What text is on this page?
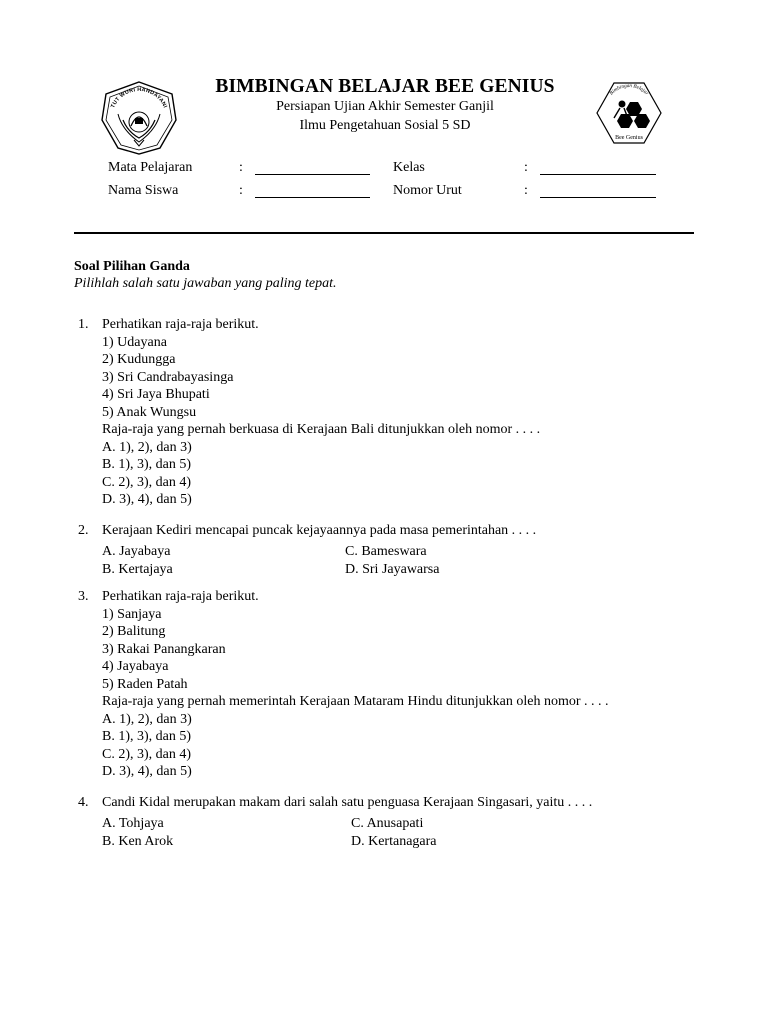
TUT WURI HANDAYANI
BIMBINGAN BELAJAR BEE GENIUS
Persiapan Ujian Akhir Semester Ganjil
Ilmu Pengetahuan Sosial 5 SD
Bimbingan Belajar
Bee Genius
Mata Pelajaran	:
Nama Siswa	:
Kelas	:
Nomor Urut	:
Soal Pilihan Ganda
Pilihlah salah satu jawaban yang paling tepat.
1. Perhatikan raja-raja berikut.
1) Udayana
2) Kudungga
3) Sri Candrabayasinga
4) Sri Jaya Bhupati
5) Anak Wungsu
Raja-raja yang pernah berkuasa di Kerajaan Bali ditunjukkan oleh nomor . . . .
A. 1), 2), dan 3)
B. 1), 3), dan 5)
C. 2), 3), dan 4)
D. 3), 4), dan 5)
2. Kerajaan Kediri mencapai puncak kejayaannya pada masa pemerintahan . . . .
A. Jayabaya
B. Kertajaya
C. Bameswara
D. Sri Jayawarsa
3. Perhatikan raja-raja berikut.
1) Sanjaya
2) Balitung
3) Rakai Panangkaran
4) Jayabaya
5) Raden Patah
Raja-raja yang pernah memerintah Kerajaan Mataram Hindu ditunjukkan oleh nomor . . . .
A. 1), 2), dan 3)
B. 1), 3), dan 5)
C. 2), 3), dan 4)
D. 3), 4), dan 5)
4. Candi Kidal merupakan makam dari salah satu penguasa Kerajaan Singasari, yaitu . . . .
A. Tohjaya
B. Ken Arok
C. Anusapati
D. Kertanagara
